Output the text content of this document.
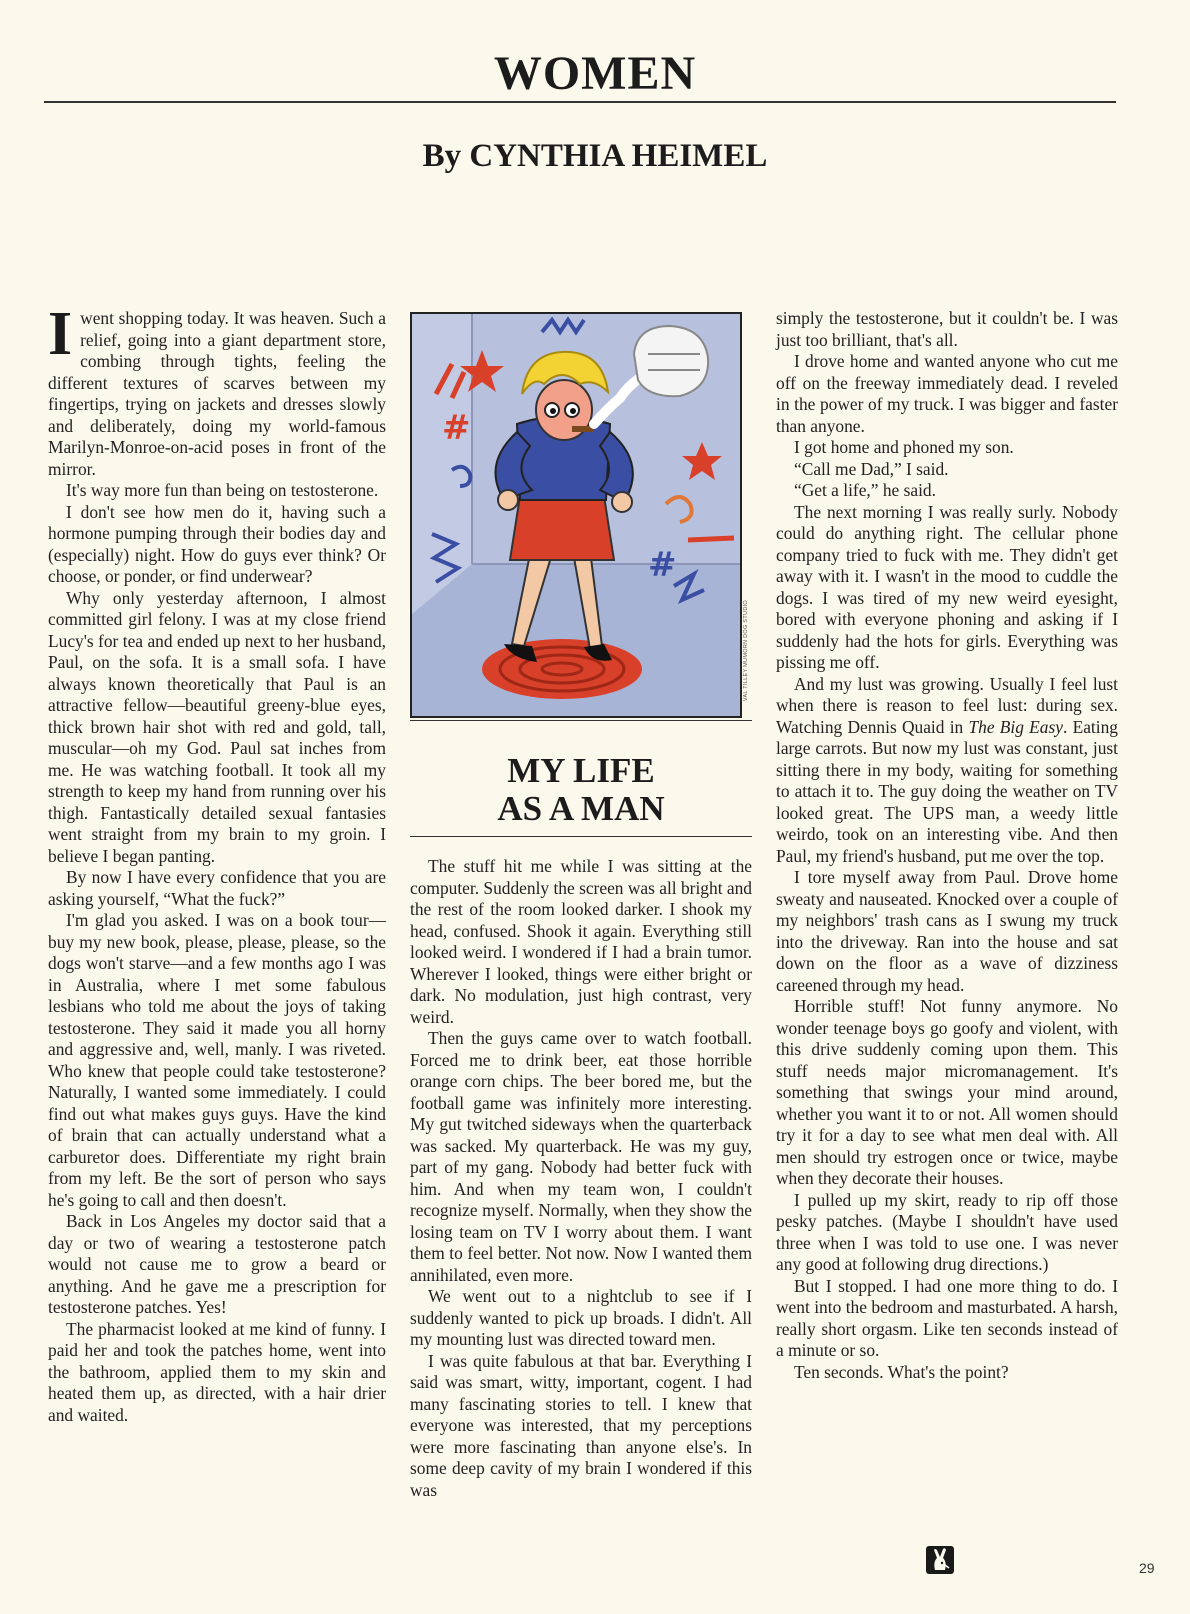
WOMEN
By CYNTHIA HEIMEL

Iwent shopping today. It was heaven. Such a relief, going into a giant department store, combing through tights, feeling the different textures of scarves between my fingertips, trying on jackets and dresses slowly and deliberately, doing my world-famous Marilyn-Monroe-on-acid poses in front of the mirror.

It's way more fun than being on testosterone.

I don't see how men do it, having such a hormone pumping through their bodies day and (especially) night. How do guys ever think? Or choose, or ponder, or find underwear?

Why only yesterday afternoon, I almost committed girl felony. I was at my close friend Lucy's for tea and ended up next to her husband, Paul, on the sofa. It is a small sofa. I have always known theoretically that Paul is an attractive fellow—beautiful greeny-blue eyes, thick brown hair shot with red and gold, tall, muscular—oh my God. Paul sat inches from me. He was watching football. It took all my strength to keep my hand from running over his thigh. Fantastically detailed sexual fantasies went straight from my brain to my groin. I believe I began panting.

By now I have every confidence that you are asking yourself, “What the fuck?”

I'm glad you asked. I was on a book tour—buy my new book, please, please, please, so the dogs won't starve—and a few months ago I was in Australia, where I met some fabulous lesbians who told me about the joys of taking testosterone. They said it made you all horny and aggressive and, well, manly. I was riveted. Who knew that people could take testosterone? Naturally, I wanted some immediately. I could find out what makes guys guys. Have the kind of brain that can actually understand what a carburetor does. Differentiate my right brain from my left. Be the sort of person who says he's going to call and then doesn't.

Back in Los Angeles my doctor said that a day or two of wearing a testosterone patch would not cause me to grow a beard or anything. And he gave me a prescription for testosterone patches. Yes!

The pharmacist looked at me kind of funny. I paid her and took the patches home, went into the bathroom, applied them to my skin and heated them up, as directed, with a hair drier and waited.

#
#
VAL TILLEY MUMORN DOG STUDIO
MY LIFE
AS A MAN

The stuff hit me while I was sitting at the computer. Suddenly the screen was all bright and the rest of the room looked darker. I shook my head, confused. Shook it again. Everything still looked weird. I wondered if I had a brain tumor. Wherever I looked, things were either bright or dark. No modulation, just high contrast, very weird.

Then the guys came over to watch football. Forced me to drink beer, eat those horrible orange corn chips. The beer bored me, but the football game was infinitely more interesting. My gut twitched sideways when the quarterback was sacked. My quarterback. He was my guy, part of my gang. Nobody had better fuck with him. And when my team won, I couldn't recognize myself. Normally, when they show the losing team on TV I worry about them. I want them to feel better. Not now. Now I wanted them annihilated, even more.

We went out to a nightclub to see if I suddenly wanted to pick up broads. I didn't. All my mounting lust was directed toward men.

I was quite fabulous at that bar. Everything I said was smart, witty, important, cogent. I had many fascinating stories to tell. I knew that everyone was interested, that my perceptions were more fascinating than anyone else's. In some deep cavity of my brain I wondered if this was

simply the testosterone, but it couldn't be. I was just too brilliant, that's all.

I drove home and wanted anyone who cut me off on the freeway immediately dead. I reveled in the power of my truck. I was bigger and faster than anyone.

I got home and phoned my son.

“Call me Dad,” I said.

“Get a life,” he said.

The next morning I was really surly. Nobody could do anything right. The cellular phone company tried to fuck with me. They didn't get away with it. I wasn't in the mood to cuddle the dogs. I was tired of my new weird eyesight, bored with everyone phoning and asking if I suddenly had the hots for girls. Everything was pissing me off.

And my lust was growing. Usually I feel lust when there is reason to feel lust: during sex. Watching Dennis Quaid in The Big Easy. Eating large carrots. But now my lust was constant, just sitting there in my body, waiting for something to attach it to. The guy doing the weather on TV looked great. The UPS man, a weedy little weirdo, took on an interesting vibe. And then Paul, my friend's husband, put me over the top.

I tore myself away from Paul. Drove home sweaty and nauseated. Knocked over a couple of my neighbors' trash cans as I swung my truck into the driveway. Ran into the house and sat down on the floor as a wave of dizziness careened through my head.

Horrible stuff! Not funny anymore. No wonder teenage boys go goofy and violent, with this drive suddenly coming upon them. This stuff needs major micromanagement. It's something that swings your mind around, whether you want it to or not. All women should try it for a day to see what men deal with. All men should try estrogen once or twice, maybe when they decorate their houses.

I pulled up my skirt, ready to rip off those pesky patches. (Maybe I shouldn't have used three when I was told to use one. I was never any good at following drug directions.)

But I stopped. I had one more thing to do. I went into the bedroom and masturbated. A harsh, really short orgasm. Like ten seconds instead of a minute or so.

Ten seconds. What's the point?

29
